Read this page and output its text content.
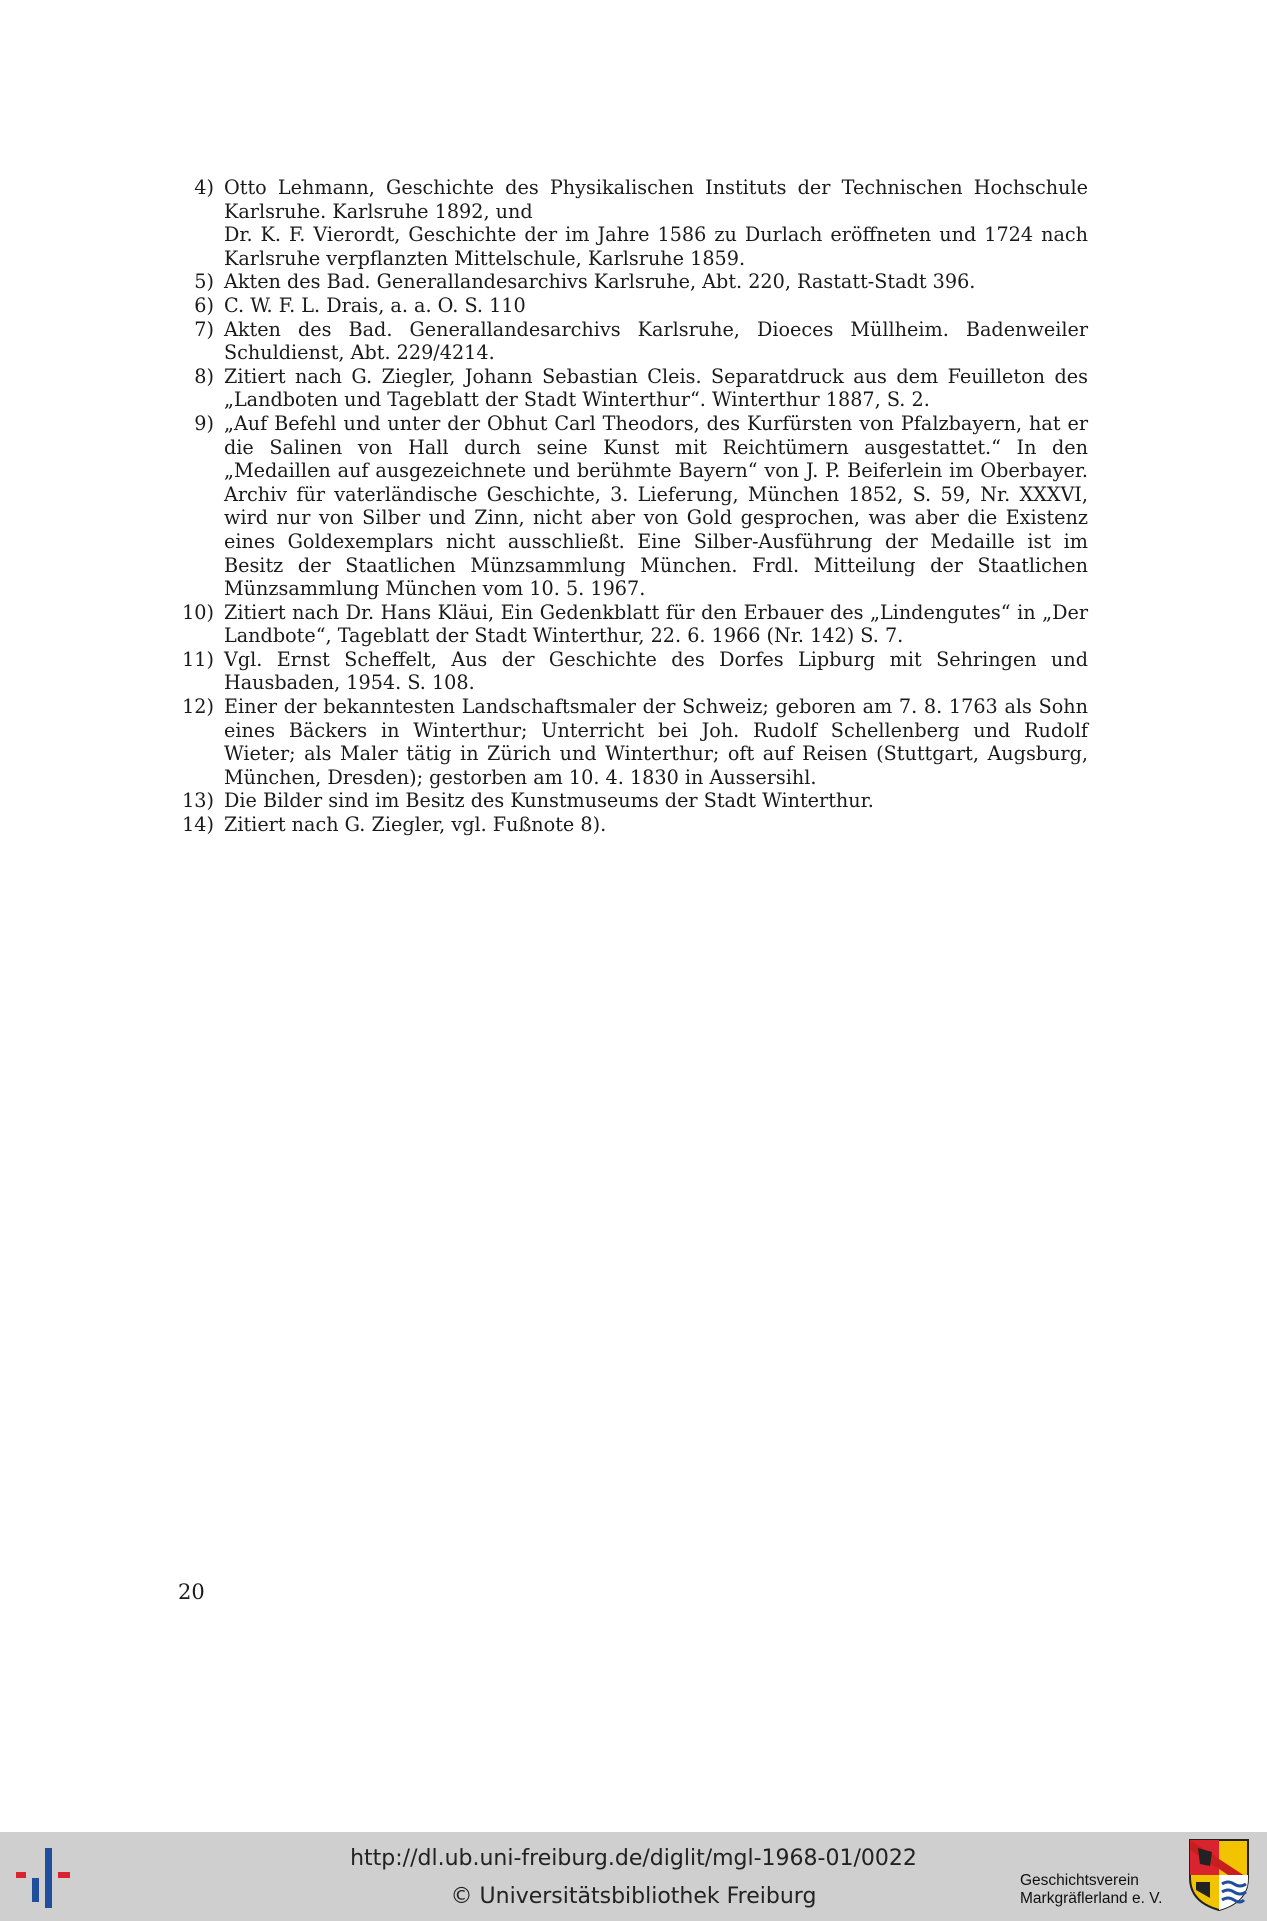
4) Otto Lehmann, Geschichte des Physikalischen Instituts der Technischen Hochschule Karlsruhe. Karlsruhe 1892, und
Dr. K. F. Vierordt, Geschichte der im Jahre 1586 zu Durlach eröffneten und 1724 nach Karlsruhe verpflanzten Mittelschule, Karlsruhe 1859.
5) Akten des Bad. Generallandesarchivs Karlsruhe, Abt. 220, Rastatt-Stadt 396.
6) C. W. F. L. Drais, a. a. O. S. 110
7) Akten des Bad. Generallandesarchivs Karlsruhe, Dioeces Müllheim. Badenweiler Schuldienst, Abt. 229/4214.
8) Zitiert nach G. Ziegler, Johann Sebastian Cleis. Separatdruck aus dem Feuilleton des „Landboten und Tageblatt der Stadt Winterthur“. Winterthur 1887, S. 2.
9) „Auf Befehl und unter der Obhut Carl Theodors, des Kurfürsten von Pfalzbayern, hat er die Salinen von Hall durch seine Kunst mit Reichtümern ausgestattet.“ In den „Medaillen auf ausgezeichnete und berühmte Bayern“ von J. P. Beiferlein im Oberbayer. Archiv für vaterländische Geschichte, 3. Lieferung, München 1852, S. 59, Nr. XXXVI, wird nur von Silber und Zinn, nicht aber von Gold gesprochen, was aber die Existenz eines Goldexemplars nicht ausschließt. Eine Silber-Ausführung der Medaille ist im Besitz der Staatlichen Münzsammlung München. Frdl. Mitteilung der Staatlichen Münzsammlung München vom 10. 5. 1967.
10) Zitiert nach Dr. Hans Kläui, Ein Gedenkblatt für den Erbauer des „Lindengutes“ in „Der Landbote“, Tageblatt der Stadt Winterthur, 22. 6. 1966 (Nr. 142) S. 7.
11) Vgl. Ernst Scheffelt, Aus der Geschichte des Dorfes Lipburg mit Sehringen und Hausbaden, 1954. S. 108.
12) Einer der bekanntesten Landschaftsmaler der Schweiz; geboren am 7. 8. 1763 als Sohn eines Bäckers in Winterthur; Unterricht bei Joh. Rudolf Schellenberg und Rudolf Wieter; als Maler tätig in Zürich und Winterthur; oft auf Reisen (Stuttgart, Augsburg, München, Dresden); gestorben am 10. 4. 1830 in Aussersihl.
13) Die Bilder sind im Besitz des Kunstmuseums der Stadt Winterthur.
14) Zitiert nach G. Ziegler, vgl. Fußnote 8).
20
http://dl.ub.uni-freiburg.de/diglit/mgl-1968-01/0022
© Universitätsbibliothek Freiburg
Geschichtsverein
Markgräflerland e. V.
